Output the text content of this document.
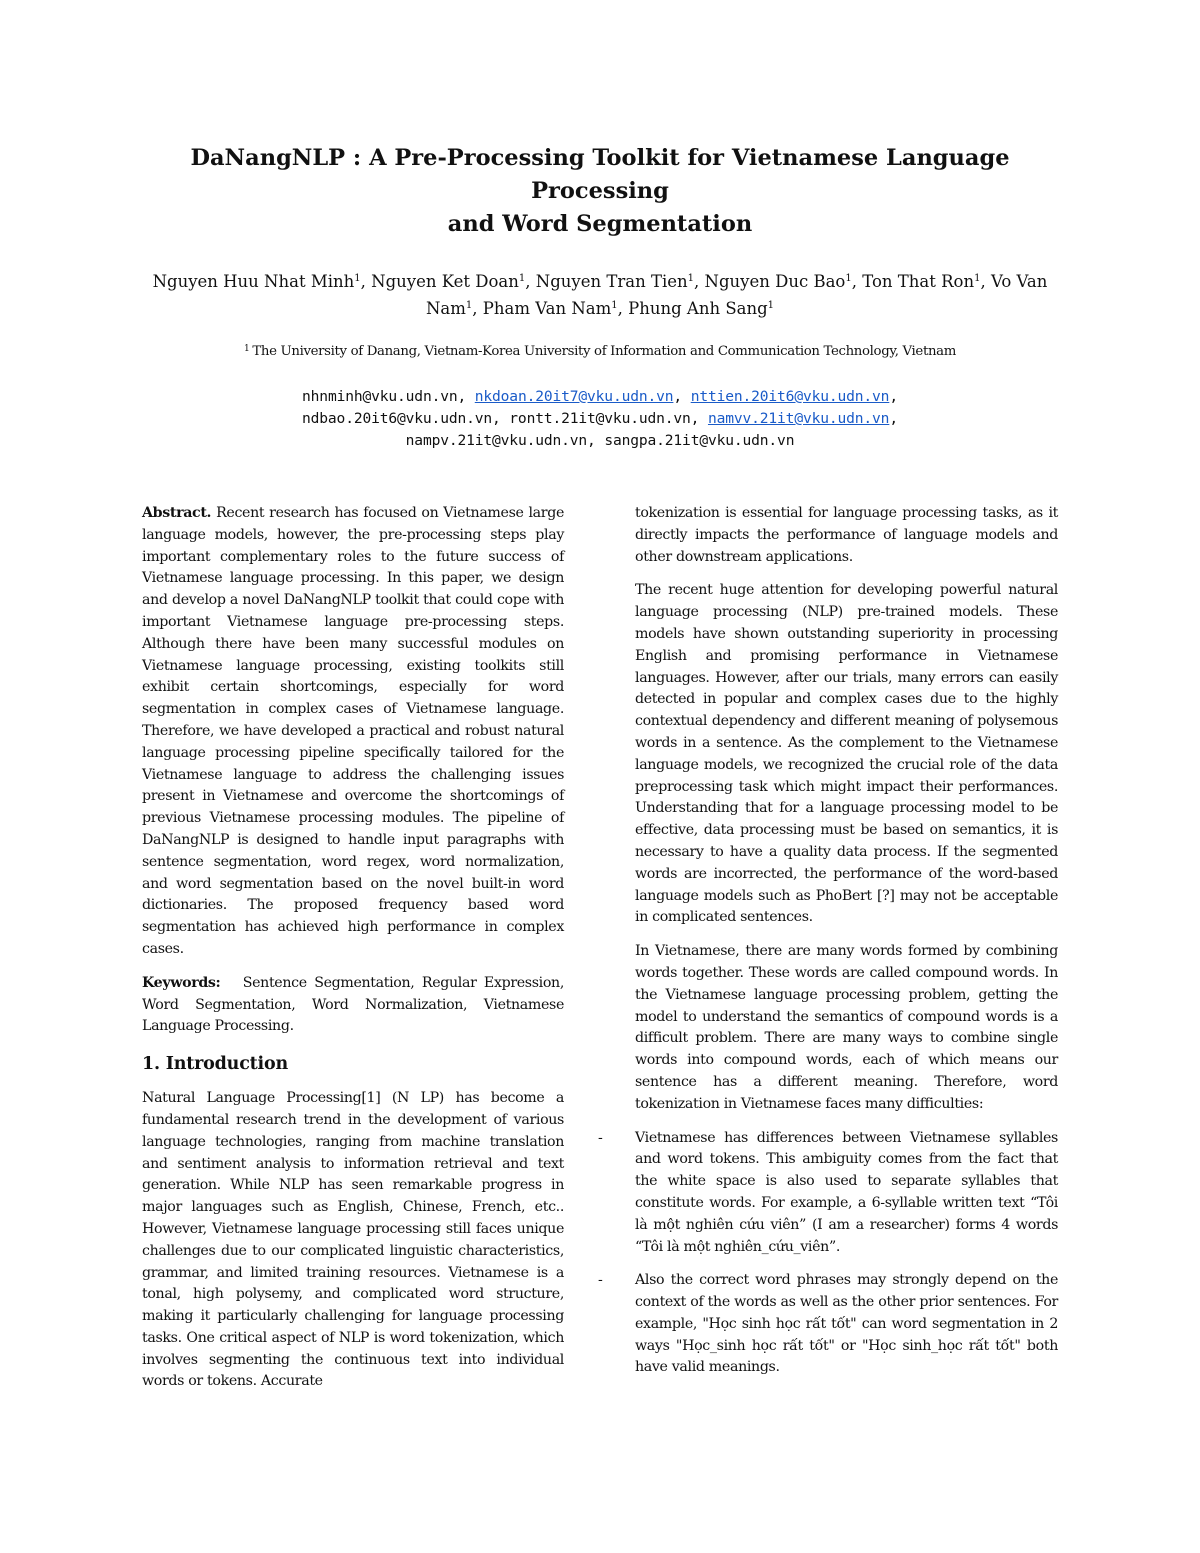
DaNangNLP : A Pre-Processing Toolkit for Vietnamese Language Processing
and Word Segmentation
Nguyen Huu Nhat Minh$^1$, Nguyen Ket Doan$^1$, Nguyen Tran Tien$^1$, Nguyen Duc Bao$^1$, Ton That Ron$^1$, Vo Van Nam$^1$, Pham Van Nam$^1$, Phung Anh Sang$^1$
$^1$ The University of Danang, Vietnam-Korea University of Information and Communication Technology, Vietnam
nhnminh@vku.udn.vn, nkdoan.20it7@vku.udn.vn, nttien.20it6@vku.udn.vn,
ndbao.20it6@vku.udn.vn, rontt.21it@vku.udn.vn, namvv.21it@vku.udn.vn,
nampv.21it@vku.udn.vn, sangpa.21it@vku.udn.vn

Abstract. Recent research has focused on Vietnamese large language models, however, the pre-processing steps play important complementary roles to the future success of Vietnamese language processing. In this paper, we design and develop a novel DaNangNLP toolkit that could cope with important Vietnamese language pre-processing steps. Although there have been many successful modules on Vietnamese language processing, existing toolkits still exhibit certain shortcomings, especially for word segmentation in complex cases of Vietnamese language. Therefore, we have developed a practical and robust natural language processing pipeline specifically tailored for the Vietnamese language to address the challenging issues present in Vietnamese and overcome the shortcomings of previous Vietnamese processing modules. The pipeline of DaNangNLP is designed to handle input paragraphs with sentence segmentation, word regex, word normalization, and word segmentation based on the novel built-in word dictionaries. The proposed frequency based word segmentation has achieved high performance in complex cases.

Keywords: Sentence Segmentation, Regular Expression, Word Segmentation, Word Normalization, Vietnamese Language Processing.

1. Introduction

Natural Language Processing[1] (N LP) has become a fundamental research trend in the development of various language technologies, ranging from machine translation and sentiment analysis to information retrieval and text generation. While NLP has seen remarkable progress in major languages such as English, Chinese, French, etc.. However, Vietnamese language processing still faces unique challenges due to our complicated linguistic characteristics, grammar, and limited training resources. Vietnamese is a tonal, high polysemy, and complicated word structure, making it particularly challenging for language processing tasks. One critical aspect of NLP is word tokenization, which involves segmenting the continuous text into individual words or tokens. Accurate

tokenization is essential for language processing tasks, as it directly impacts the performance of language models and other downstream applications.

The recent huge attention for developing powerful natural language processing (NLP) pre-trained models. These models have shown outstanding superiority in processing English and promising performance in Vietnamese languages. However, after our trials, many errors can easily detected in popular and complex cases due to the highly contextual dependency and different meaning of polysemous words in a sentence. As the complement to the Vietnamese language models, we recognized the crucial role of the data preprocessing task which might impact their performances. Understanding that for a language processing model to be effective, data processing must be based on semantics, it is necessary to have a quality data process. If the segmented words are incorrected, the performance of the word-based language models such as PhoBert [?] may not be acceptable in complicated sentences.

In Vietnamese, there are many words formed by combining words together. These words are called compound words. In the Vietnamese language processing problem, getting the model to understand the semantics of compound words is a difficult problem. There are many ways to combine single words into compound words, each of which means our sentence has a different meaning. Therefore, word tokenization in Vietnamese faces many difficulties:

- Vietnamese has differences between Vietnamese syllables and word tokens. This ambiguity comes from the fact that the white space is also used to separate syllables that constitute words. For example, a 6-syllable written text “Tôi là một nghiên cứu viên” (I am a researcher) forms 4 words “Tôi là một nghiên_cứu_viên”.
- Also the correct word phrases may strongly depend on the context of the words as well as the other prior sentences. For example, "Học sinh học rất tốt" can word segmentation in 2 ways "Học_sinh học rất tốt" or "Học sinh_học rất tốt" both have valid meanings.
